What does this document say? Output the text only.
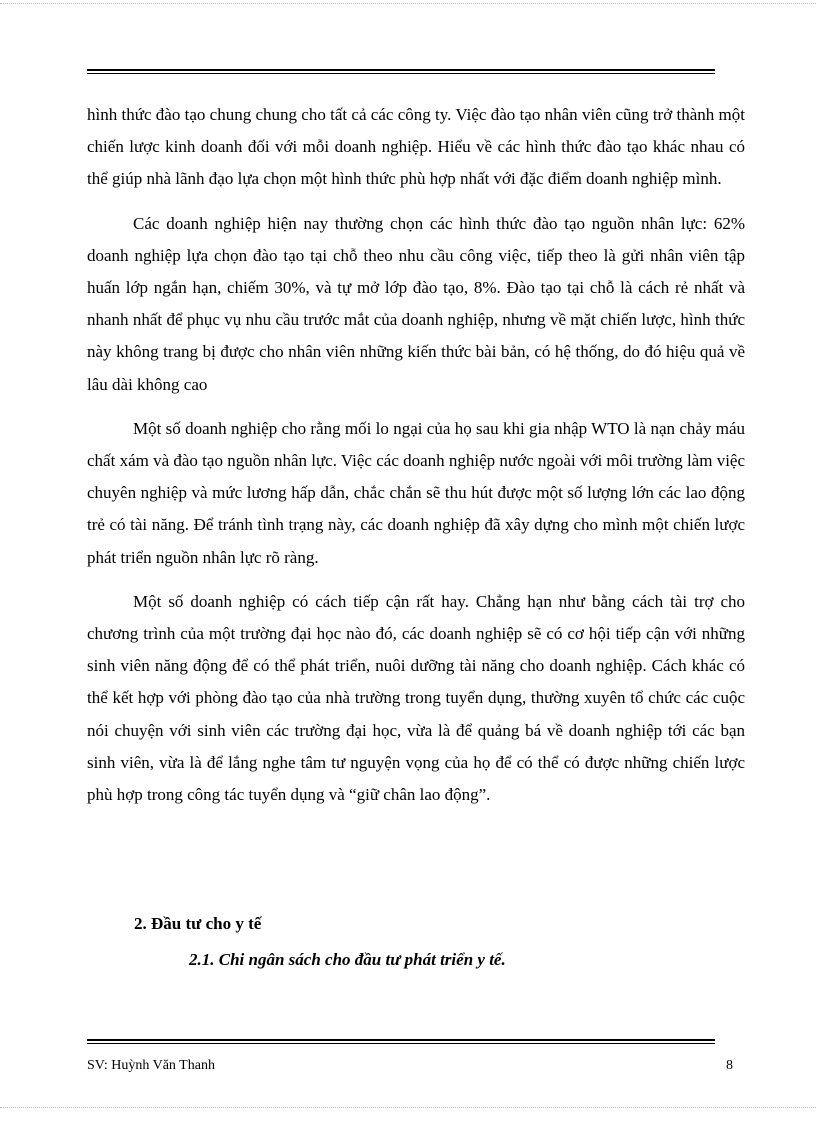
hình thức đào tạo chung chung cho tất cả các công ty. Việc đào tạo nhân viên cũng trở thành một chiến lược kinh doanh đối với mỗi doanh nghiệp. Hiểu về các hình thức đào tạo khác nhau có thể giúp nhà lãnh đạo lựa chọn một hình thức phù hợp nhất với đặc điểm doanh nghiệp mình.

Các doanh nghiệp hiện nay thường chọn các hình thức đào tạo nguồn nhân lực: 62% doanh nghiệp lựa chọn đào tạo tại chỗ theo nhu cầu công việc, tiếp theo là gửi nhân viên tập huấn lớp ngắn hạn, chiếm 30%, và tự mở lớp đào tạo, 8%. Đào tạo tại chỗ là cách rẻ nhất và nhanh nhất để phục vụ nhu cầu trước mắt của doanh nghiệp, nhưng về mặt chiến lược, hình thức này không trang bị được cho nhân viên những kiến thức bài bản, có hệ thống, do đó hiệu quả về lâu dài không cao

Một số doanh nghiệp cho rằng mối lo ngại của họ sau khi gia nhập WTO là nạn chảy máu chất xám và đào tạo nguồn nhân lực. Việc các doanh nghiệp nước ngoài với môi trường làm việc chuyên nghiệp và mức lương hấp dẫn, chắc chắn sẽ thu hút được một số lượng lớn các lao động trẻ có tài năng. Để tránh tình trạng này, các doanh nghiệp đã xây dựng cho mình một chiến lược phát triển nguồn nhân lực rõ ràng.

Một số doanh nghiệp có cách tiếp cận rất hay. Chẳng hạn như bằng cách tài trợ cho chương trình của một trường đại học nào đó, các doanh nghiệp sẽ có cơ hội tiếp cận với những sinh viên năng động để có thể phát triển, nuôi dưỡng tài năng cho doanh nghiệp. Cách khác có thể kết hợp với phòng đào tạo của nhà trường trong tuyển dụng, thường xuyên tổ chức các cuộc nói chuyện với sinh viên các trường đại học, vừa là để quảng bá về doanh nghiệp tới các bạn sinh viên, vừa là để lắng nghe tâm tư nguyện vọng của họ để có thể có được những chiến lược phù hợp trong công tác tuyển dụng và “giữ chân lao động”.

2. Đầu tư cho y tế
2.1. Chi ngân sách cho đầu tư phát triển y tế.
SV: Huỳnh Văn Thanh	8
